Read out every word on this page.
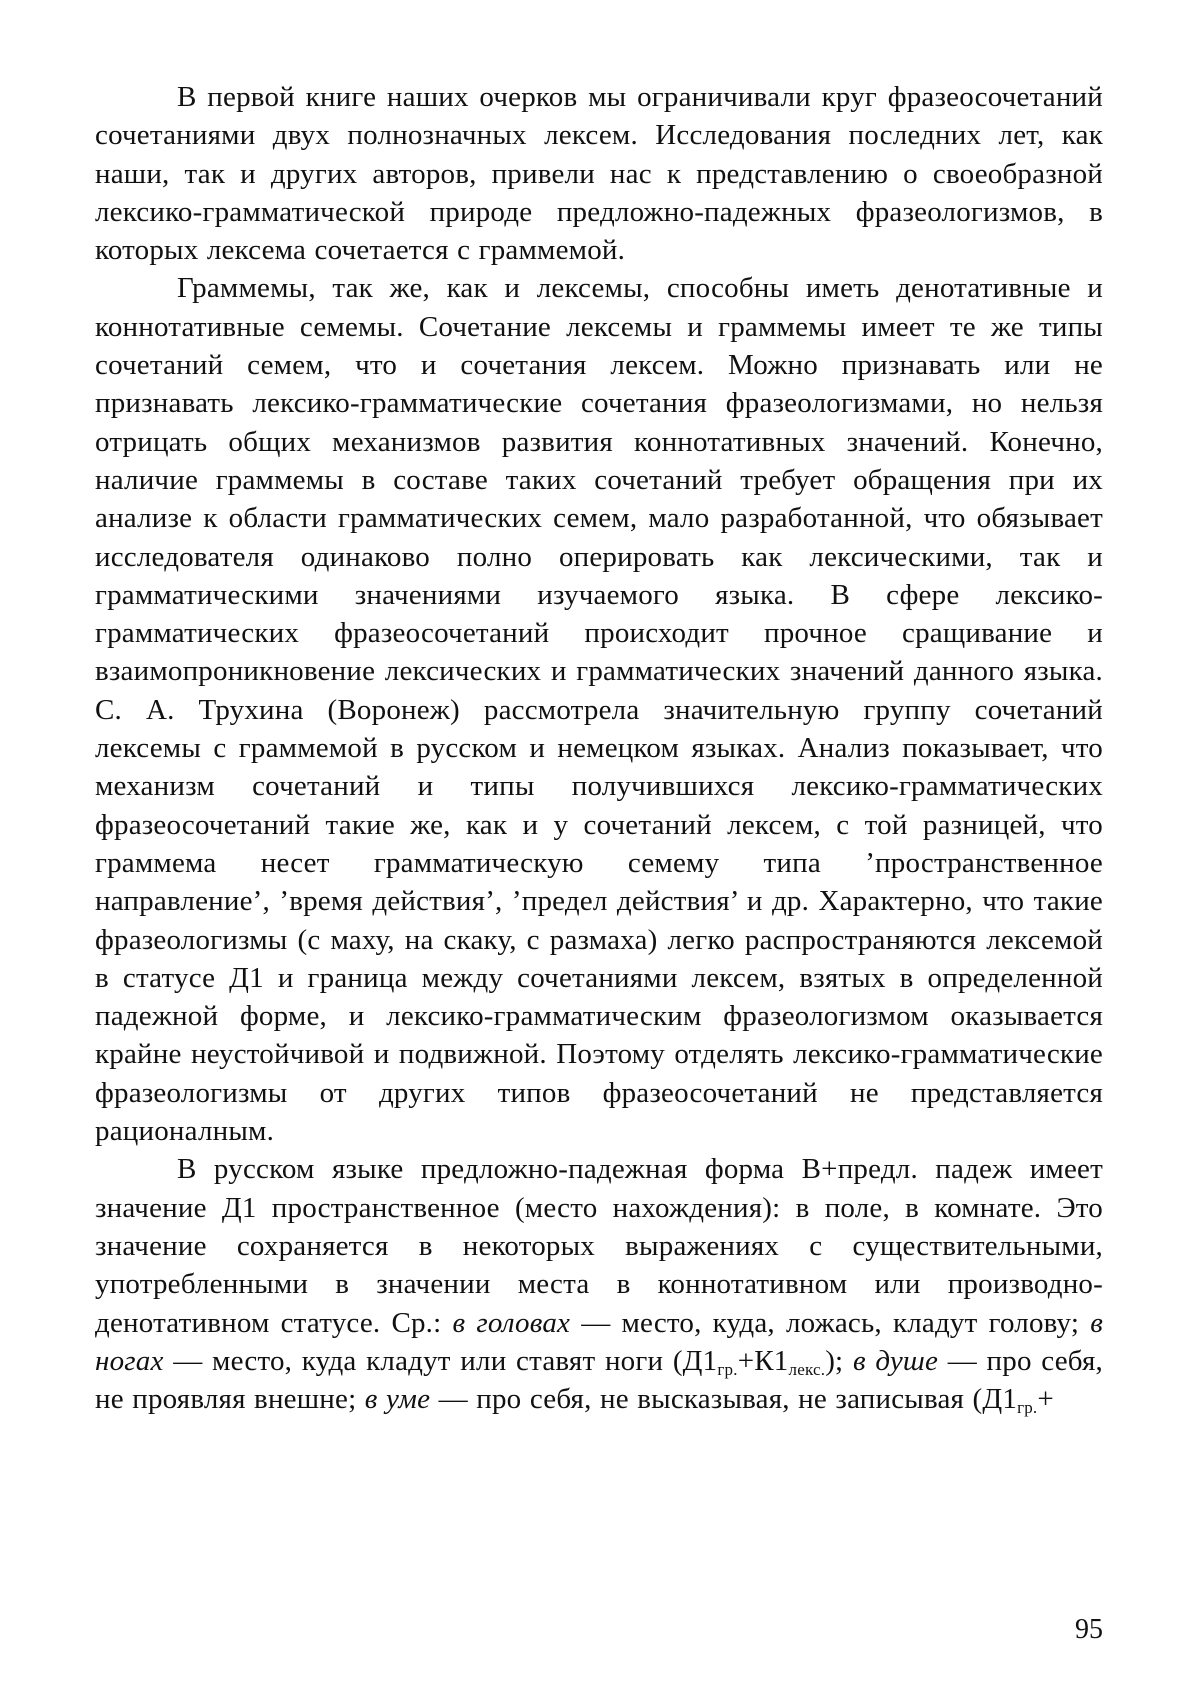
В первой книге наших очерков мы ограничивали круг фразеосочетаний сочетаниями двух полнозначных лексем. Исследования последних лет, как наши, так и других авторов, привели нас к представлению о своеобразной лексико-грамматической природе предложно-падежных фразеологизмов, в которых лексема сочетается с граммемой.

Граммемы, так же, как и лексемы, способны иметь денотативные и коннотативные семемы. Сочетание лексемы и граммемы имеет те же типы сочетаний семем, что и сочетания лексем. Можно признавать или не признавать лексико-грамматические сочетания фразеологизмами, но нельзя отрицать общих механизмов развития коннотативных значений. Конечно, наличие граммемы в составе таких сочетаний требует обращения при их анализе к области грамматических семем, мало разработанной, что обязывает исследователя одинаково полно оперировать как лексическими, так и грамматическими значениями изучаемого языка. В сфере лексико-грамматических фразеосочетаний происходит прочное сращивание и взаимопроникновение лексических и грамматических значений данного языка. С. А. Трухина (Воронеж) рассмотрела значительную группу сочетаний лексемы с граммемой в русском и немецком языках. Анализ показывает, что механизм сочетаний и типы получившихся лексико-грамматических фразеосочетаний такие же, как и у сочетаний лексем, с той разницей, что граммема несет грамматическую семему типа ’пространственное направление’, ’время действия’, ’предел действия’ и др. Характерно, что такие фразеологизмы (с маху, на скаку, с размаха) легко распространяются лексемой в статусе Д1 и граница между сочетаниями лексем, взятых в определенной падежной форме, и лексико-грамматическим фразеологизмом оказывается крайне неустойчивой и подвижной. Поэтому отделять лексико-грамматические фразеологизмы от других типов фразеосочетаний не представляется рационалным.

В русском языке предложно-падежная форма В+предл. падеж имеет значение Д1 пространственное (место нахождения): в поле, в комнате. Это значение сохраняется в некоторых выражениях с существительными, употребленными в значении места в коннотативном или производно-денотативном статусе. Ср.: в головах — место, куда, ложась, кладут голову; в ногах — место, куда кладут или ставят ноги $(Д1_{гр.}+К1_{лекс.})$; в душе — про себя, не проявляя внешне; в уме — про себя, не высказывая, не записывая ($Д1_{гр.}+$

95
